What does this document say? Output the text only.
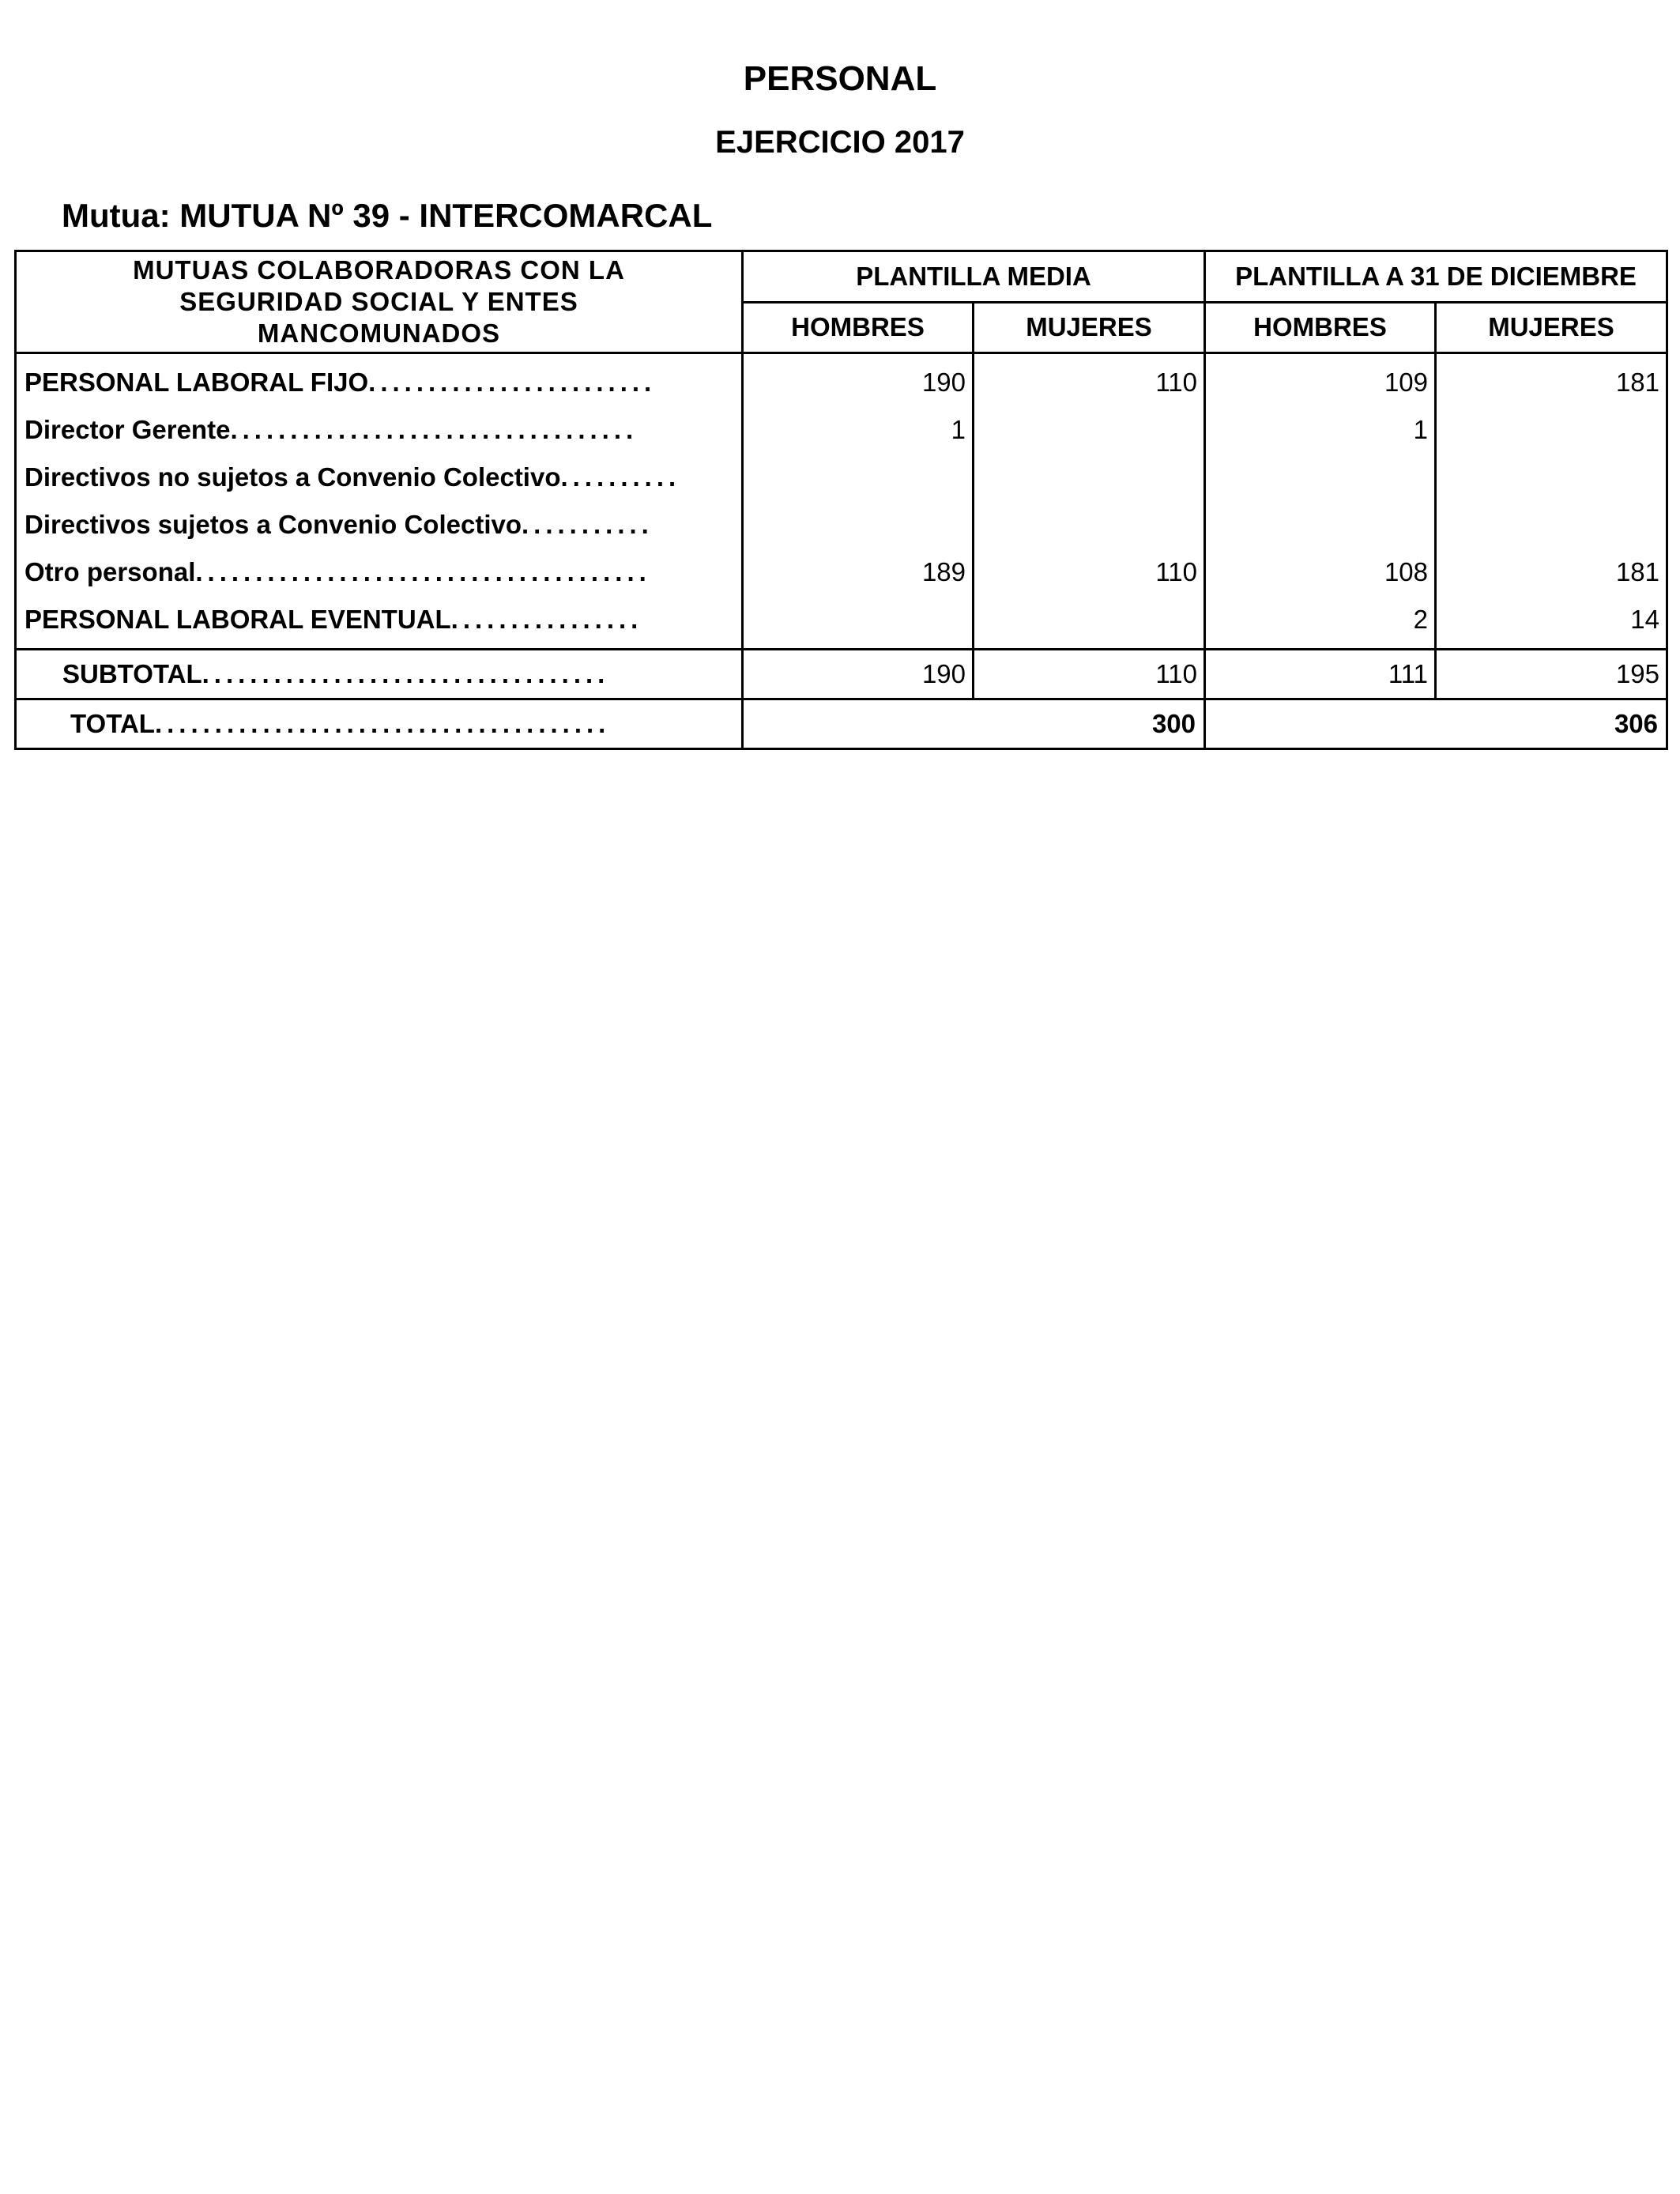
PERSONAL
EJERCICIO 2017
Mutua: MUTUA Nº 39 - INTERCOMARCAL
MUTUAS COLABORADORAS CON LA SEGURIDAD SOCIAL Y ENTES MANCOMUNADOS	PLANTILLA MEDIA		PLANTILLA A 31 DE DICIEMBRE	
	HOMBRES	MUJERES	HOMBRES	MUJERES
PERSONAL LABORAL FIJO........................	190	110	109	181
Director Gerente..................................	1		1	
Directivos no sujetos a Convenio Colectivo..........				
Directivos sujetos a Convenio Colectivo...........				
Otro personal......................................	189	110	108	181
PERSONAL LABORAL EVENTUAL................			2	14
SUBTOTAL..................................	190	110	111	195
TOTAL......................................	300		306	
